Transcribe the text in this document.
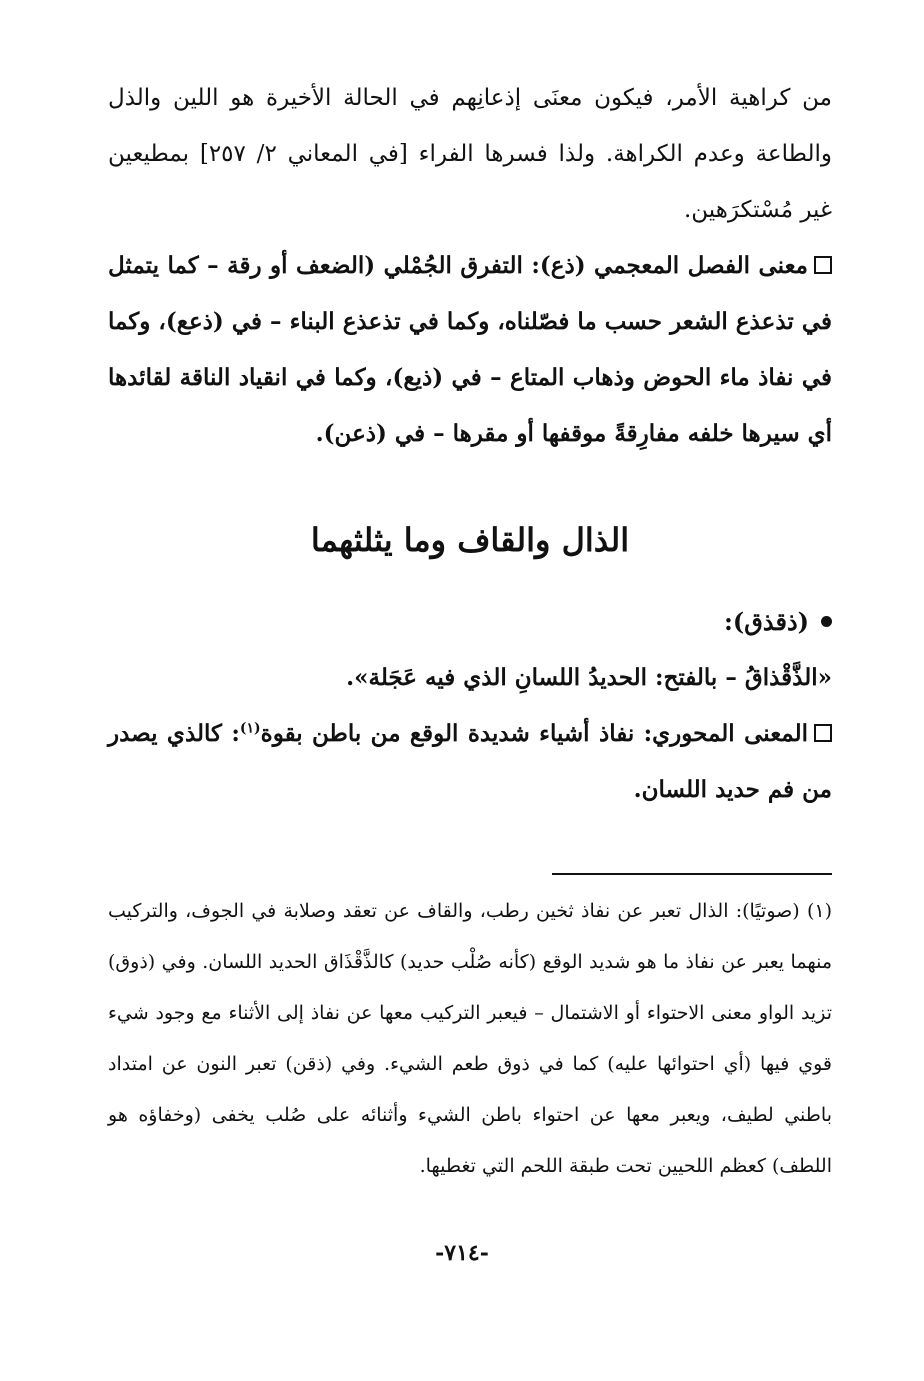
من كراهية الأمر، فيكون معنَى إذعانِهم في الحالة الأخيرة هو اللين والذل والطاعة وعدم الكراهة. ولذا فسرها الفراء [في المعاني ٢/ ٢٥٧] بمطيعين غير مُسْتكرَهين.

معنى الفصل المعجمي (ذع): التفرق الجُمْلي (الضعف أو رقة – كما يتمثل في تذعذع الشعر حسب ما فصّلناه، وكما في تذعذع البناء – في (ذعع)، وكما في نفاذ ماء الحوض وذهاب المتاع – في (ذيع)، وكما في انقياد الناقة لقائدها أي سيرها خلفه مفارِقةً موقفها أو مقرها – في (ذعن).

الذال والقاف وما يثلثهما

(ذقذق):

«الذَّقْذاقُ – بالفتح: الحديدُ اللسانِ الذي فيه عَجَلة».

المعنى المحوري: نفاذ أشياء شديدة الوقع من باطن بقوة$^{(١)}$: كالذي يصدر من فم حديد اللسان.

(١) (صوتيًا): الذال تعبر عن نفاذ ثخين رطب، والقاف عن تعقد وصلابة في الجوف، والتركيب منهما يعبر عن نفاذ ما هو شديد الوقع (كأنه صُلْب حديد) كالذَّقْذَاق الحديد اللسان. وفي (ذوق) تزيد الواو معنى الاحتواء أو الاشتمال – فيعبر التركيب معها عن نفاذ إلى الأثناء مع وجود شيء قوي فيها (أي احتوائها عليه) كما في ذوق طعم الشيء. وفي (ذقن) تعبر النون عن امتداد باطني لطيف، ويعبر معها عن احتواء باطن الشيء وأثنائه على صُلب يخفى (وخفاؤه هو اللطف) كعظم اللحيين تحت طبقة اللحم التي تغطيها.

-٧١٤-
